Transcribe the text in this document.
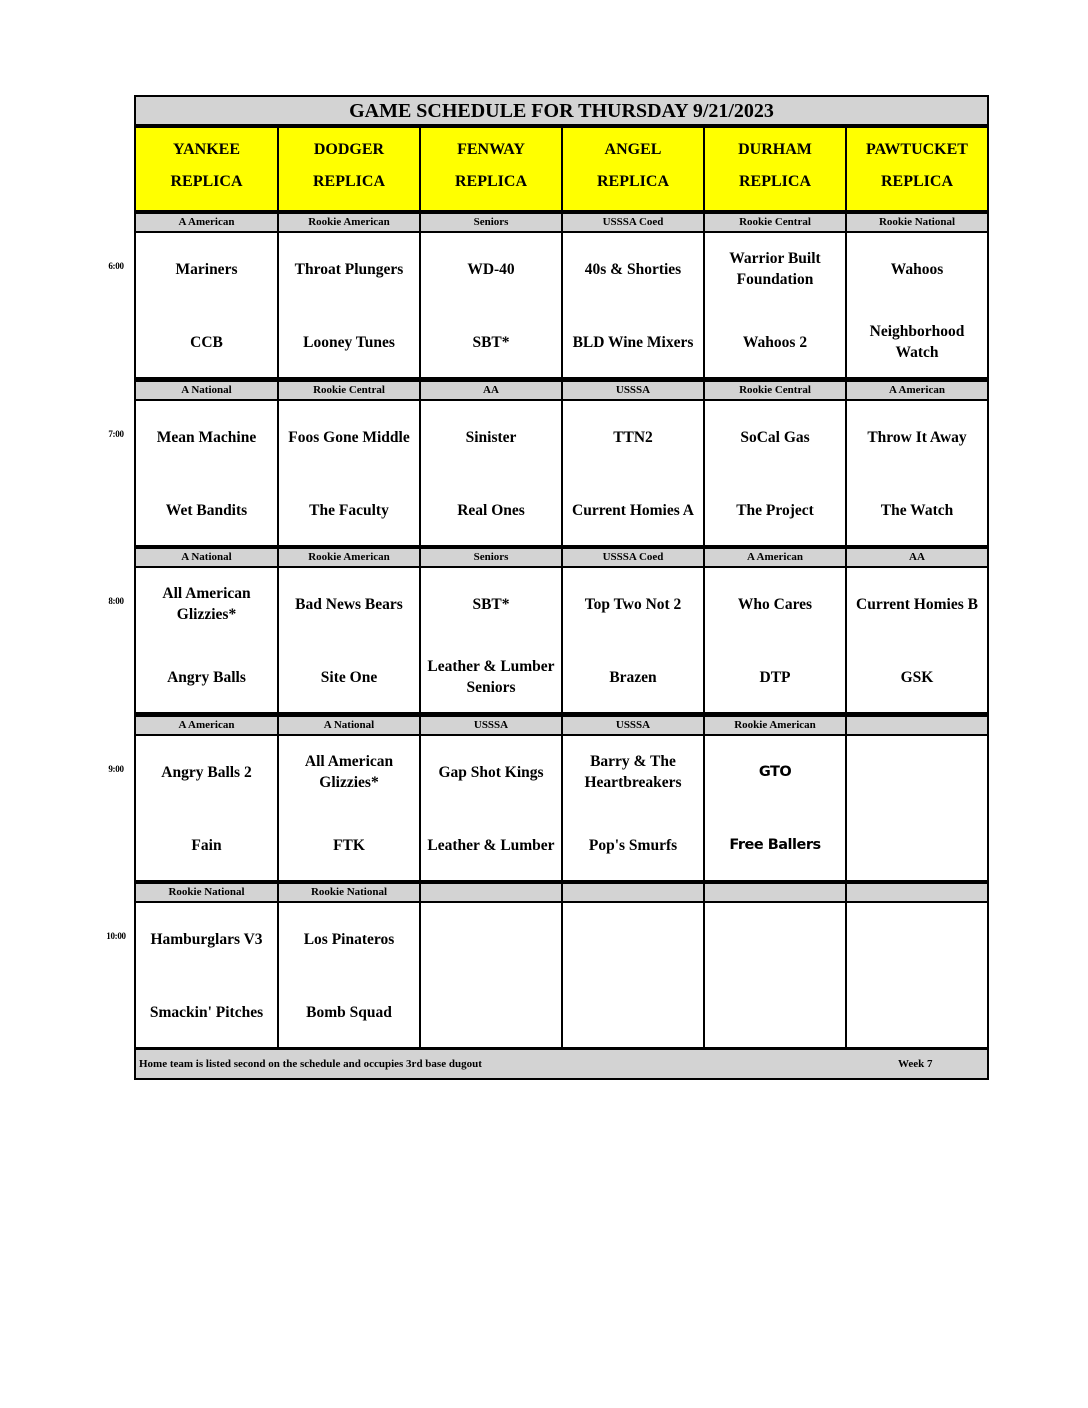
6:00
7:00
8:00
9:00
10:00
GAME SCHEDULE FOR THURSDAY 9/21/2023
Home team is listed second on the schedule and occupies 3rd base dugout	Week 7
YANKEE
REPLICA
DODGER
REPLICA
FENWAY
REPLICA
ANGEL
REPLICA
DURHAM
REPLICA
PAWTUCKET
REPLICA
A American
Mariners
CCB
Rookie American
Throat Plungers
Looney Tunes
Seniors
WD-40
SBT*
USSSA Coed
40s & Shorties
BLD Wine Mixers
Rookie Central
Warrior Built Foundation
Wahoos 2
Rookie National
Wahoos
Neighborhood Watch
A National
Mean Machine
Wet Bandits
Rookie Central
Foos Gone Middle
The Faculty
AA
Sinister
Real Ones
USSSA
TTN2
Current Homies A
Rookie Central
SoCal Gas
The Project
A American
Throw It Away
The Watch
A National
All American Glizzies*
Angry Balls
Rookie American
Bad News Bears
Site One
Seniors
SBT*
Leather & Lumber Seniors
USSSA Coed
Top Two Not 2
Brazen
A American
Who Cares
DTP
AA
Current Homies B
GSK
A American
Angry Balls 2
Fain
A National
All American Glizzies*
FTK
USSSA
Gap Shot Kings
Leather & Lumber
USSSA
Barry & The Heartbreakers
Pop's Smurfs
Rookie American
GTO
Free Ballers
Rookie National
Hamburglars V3
Smackin' Pitches
Rookie National
Los Pinateros
Bomb Squad
